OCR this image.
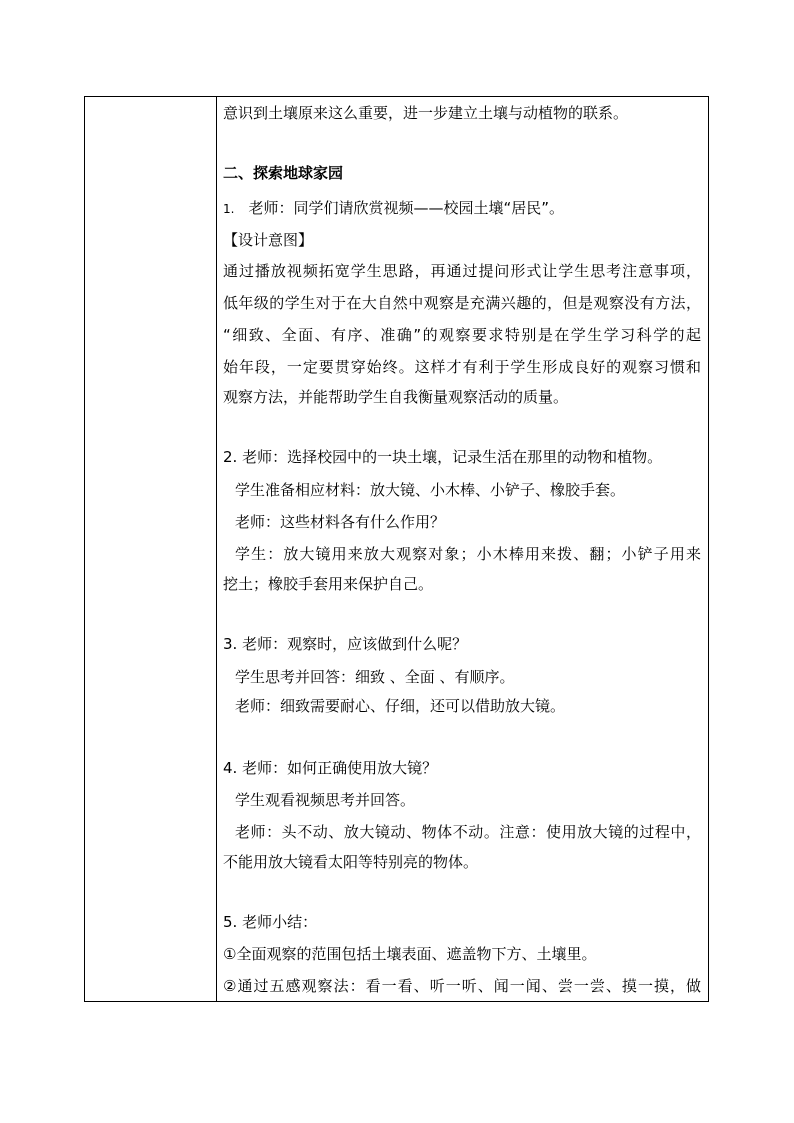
意识到土壤原来这么重要，进一步建立土壤与动植物的联系。
二、探索地球家园
1. 老师：同学们请欣赏视频——校园土壤“居民”。
【设计意图】
通过播放视频拓宽学生思路，再通过提问形式让学生思考注意事项，
低年级的学生对于在大自然中观察是充满兴趣的，但是观察没有方法，
“细致、全面、有序、准确”的观察要求特别是在学生学习科学的起
始年段，一定要贯穿始终。这样才有利于学生形成良好的观察习惯和
观察方法，并能帮助学生自我衡量观察活动的质量。
2. 老师：选择校园中的一块土壤，记录生活在那里的动物和植物。
学生准备相应材料：放大镜、小木棒、小铲子、橡胶手套。
老师：这些材料各有什么作用？
学生：放大镜用来放大观察对象；小木棒用来拨、翻；小铲子用来
挖土；橡胶手套用来保护自己。
3. 老师：观察时，应该做到什么呢？
学生思考并回答：细致 、全面 、有顺序。
老师：细致需要耐心、仔细，还可以借助放大镜。
4. 老师：如何正确使用放大镜？
学生观看视频思考并回答。
老师：头不动、放大镜动、物体不动。注意：使用放大镜的过程中，
不能用放大镜看太阳等特别亮的物体。
5. 老师小结：
①全面观察的范围包括土壤表面、遮盖物下方、土壤里。
②通过五感观察法：看一看、听一听、闻一闻、尝一尝、摸一摸，做
